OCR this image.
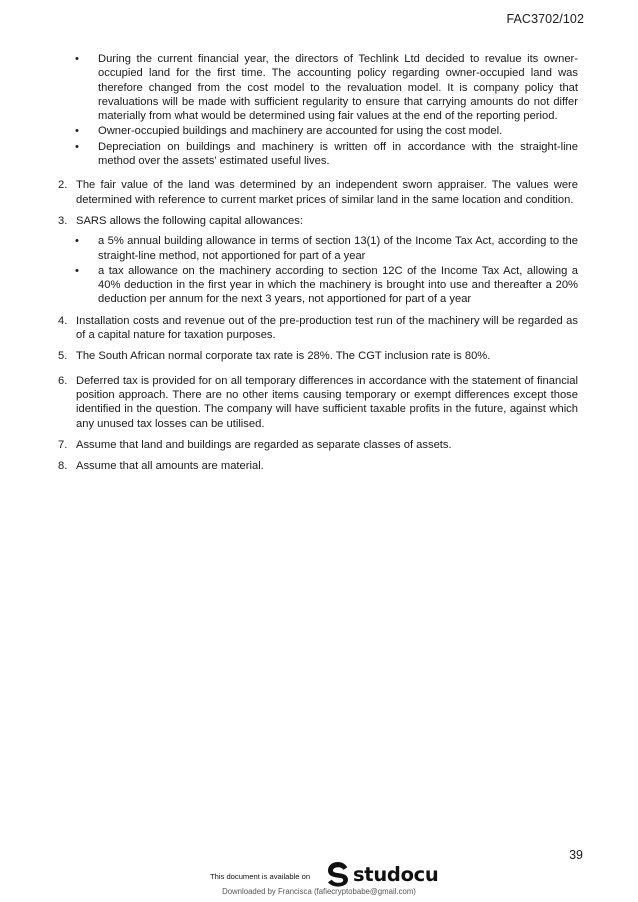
FAC3702/102
• During the current financial year, the directors of Techlink Ltd decided to revalue its owner-occupied land for the first time. The accounting policy regarding owner-occupied land was therefore changed from the cost model to the revaluation model. It is company policy that revaluations will be made with sufficient regularity to ensure that carrying amounts do not differ materially from what would be determined using fair values at the end of the reporting period.
• Owner-occupied buildings and machinery are accounted for using the cost model.
• Depreciation on buildings and machinery is written off in accordance with the straight-line method over the assets’ estimated useful lives.
2. The fair value of the land was determined by an independent sworn appraiser. The values were determined with reference to current market prices of similar land in the same location and condition.
3. SARS allows the following capital allowances:
• a 5% annual building allowance in terms of section 13(1) of the Income Tax Act, according to the straight-line method, not apportioned for part of a year
• a tax allowance on the machinery according to section 12C of the Income Tax Act, allowing a 40% deduction in the first year in which the machinery is brought into use and thereafter a 20% deduction per annum for the next 3 years, not apportioned for part of a year
4. Installation costs and revenue out of the pre-production test run of the machinery will be regarded as of a capital nature for taxation purposes.
5. The South African normal corporate tax rate is 28%. The CGT inclusion rate is 80%.
6. Deferred tax is provided for on all temporary differences in accordance with the statement of financial position approach. There are no other items causing temporary or exempt differences except those identified in the question. The company will have sufficient taxable profits in the future, against which any unused tax losses can be utilised.
7. Assume that land and buildings are regarded as separate classes of assets.
8. Assume that all amounts are material.
39
This document is available on studocu
Downloaded by Francisca (fafiecryptobabe@gmail.com)
